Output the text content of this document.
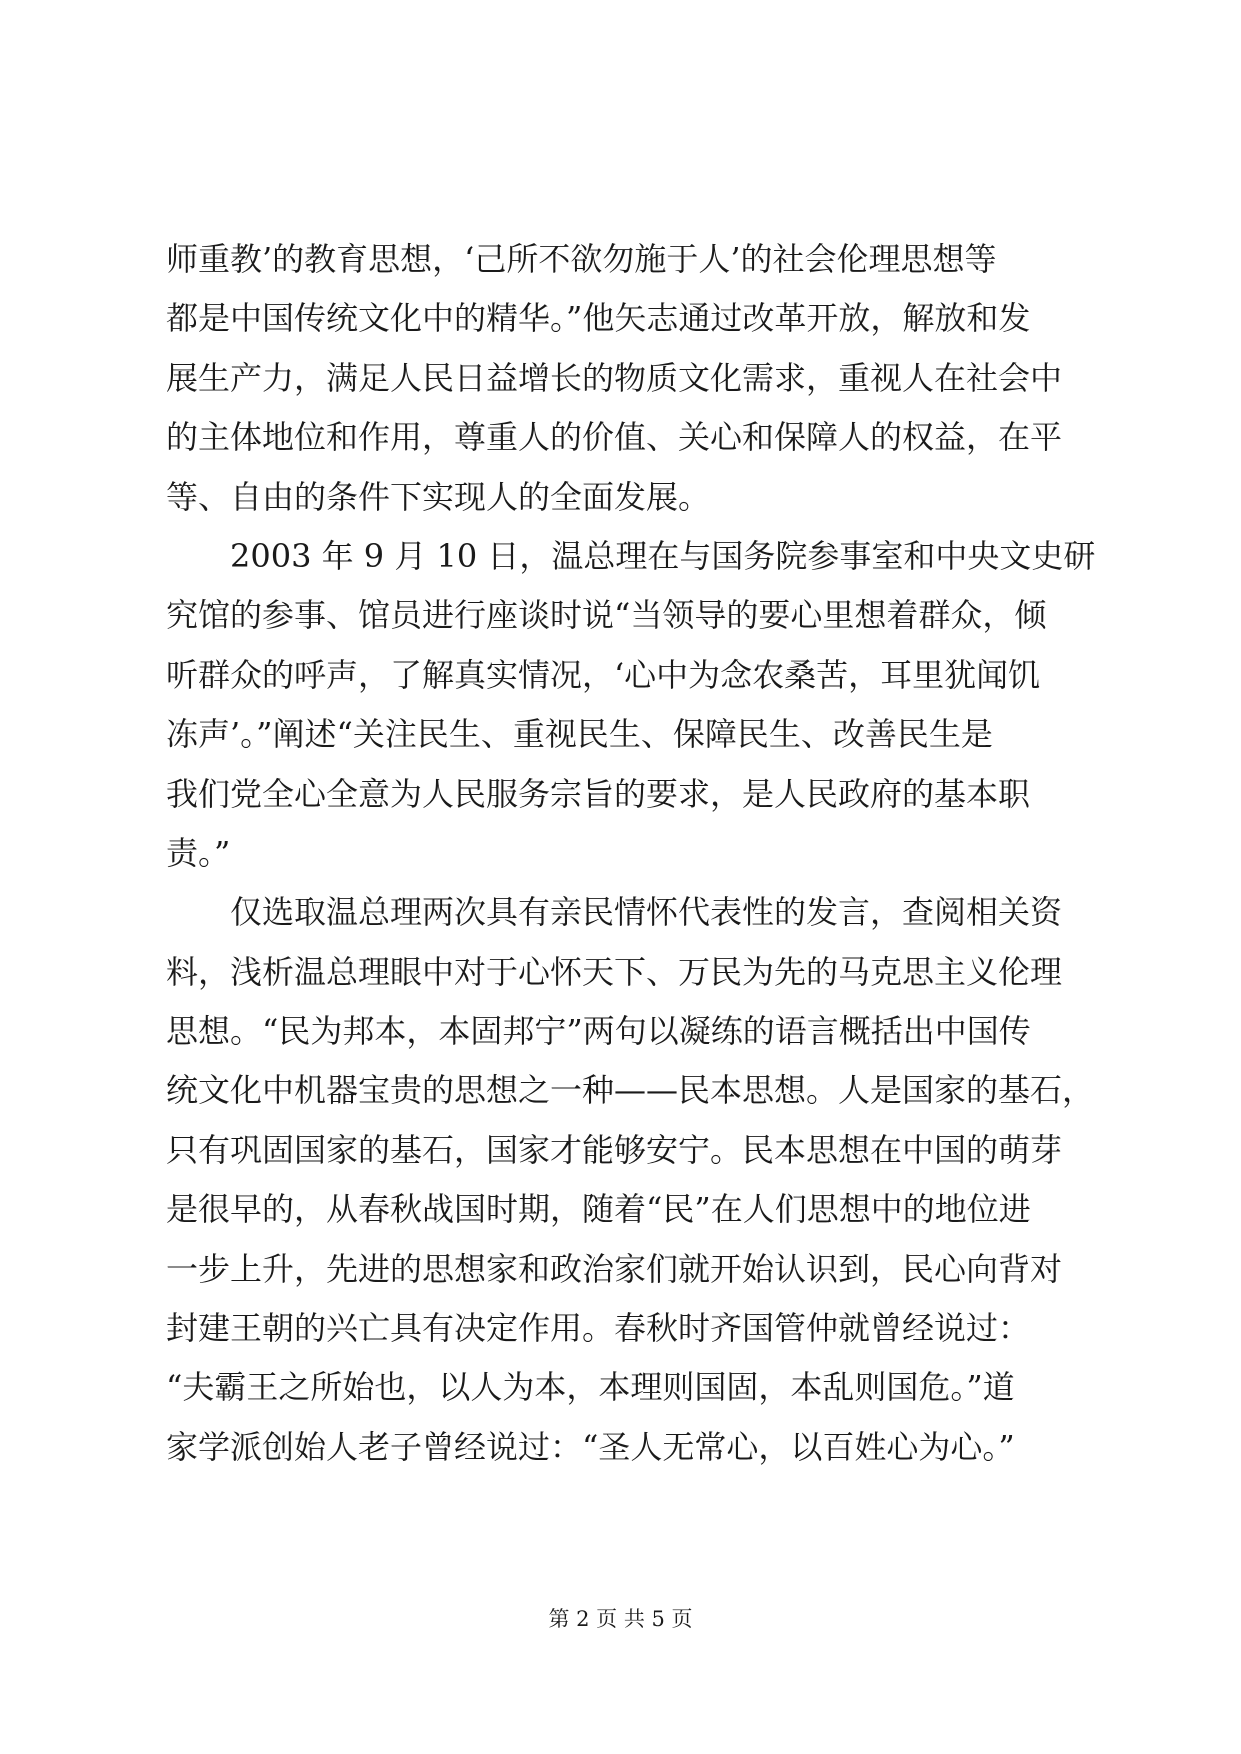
师重教’的教育思想，‘己所不欲勿施于人’的社会伦理思想等
都是中国传统文化中的精华。”他矢志通过改革开放，解放和发
展生产力，满足人民日益增长的物质文化需求，重视人在社会中
的主体地位和作用，尊重人的价值、关心和保障人的权益，在平
等、自由的条件下实现人的全面发展。
　　2003 年 9 月 10 日，温总理在与国务院参事室和中央文史研
究馆的参事、馆员进行座谈时说“当领导的要心里想着群众，倾
听群众的呼声，了解真实情况，‘心中为念农桑苦，耳里犹闻饥
冻声’。”阐述“关注民生、重视民生、保障民生、改善民生是
我们党全心全意为人民服务宗旨的要求，是人民政府的基本职
责。”
　　仅选取温总理两次具有亲民情怀代表性的发言，查阅相关资
料，浅析温总理眼中对于心怀天下、万民为先的马克思主义伦理
思想。“民为邦本，本固邦宁”两句以凝练的语言概括出中国传
统文化中机器宝贵的思想之一种——民本思想。人是国家的基石，
只有巩固国家的基石，国家才能够安宁。民本思想在中国的萌芽
是很早的，从春秋战国时期，随着“民”在人们思想中的地位进
一步上升，先进的思想家和政治家们就开始认识到，民心向背对
封建王朝的兴亡具有决定作用。春秋时齐国管仲就曾经说过：
“夫霸王之所始也，以人为本，本理则国固，本乱则国危。”道
家学派创始人老子曾经说过：“圣人无常心，以百姓心为心。”
第 2 页 共 5 页
